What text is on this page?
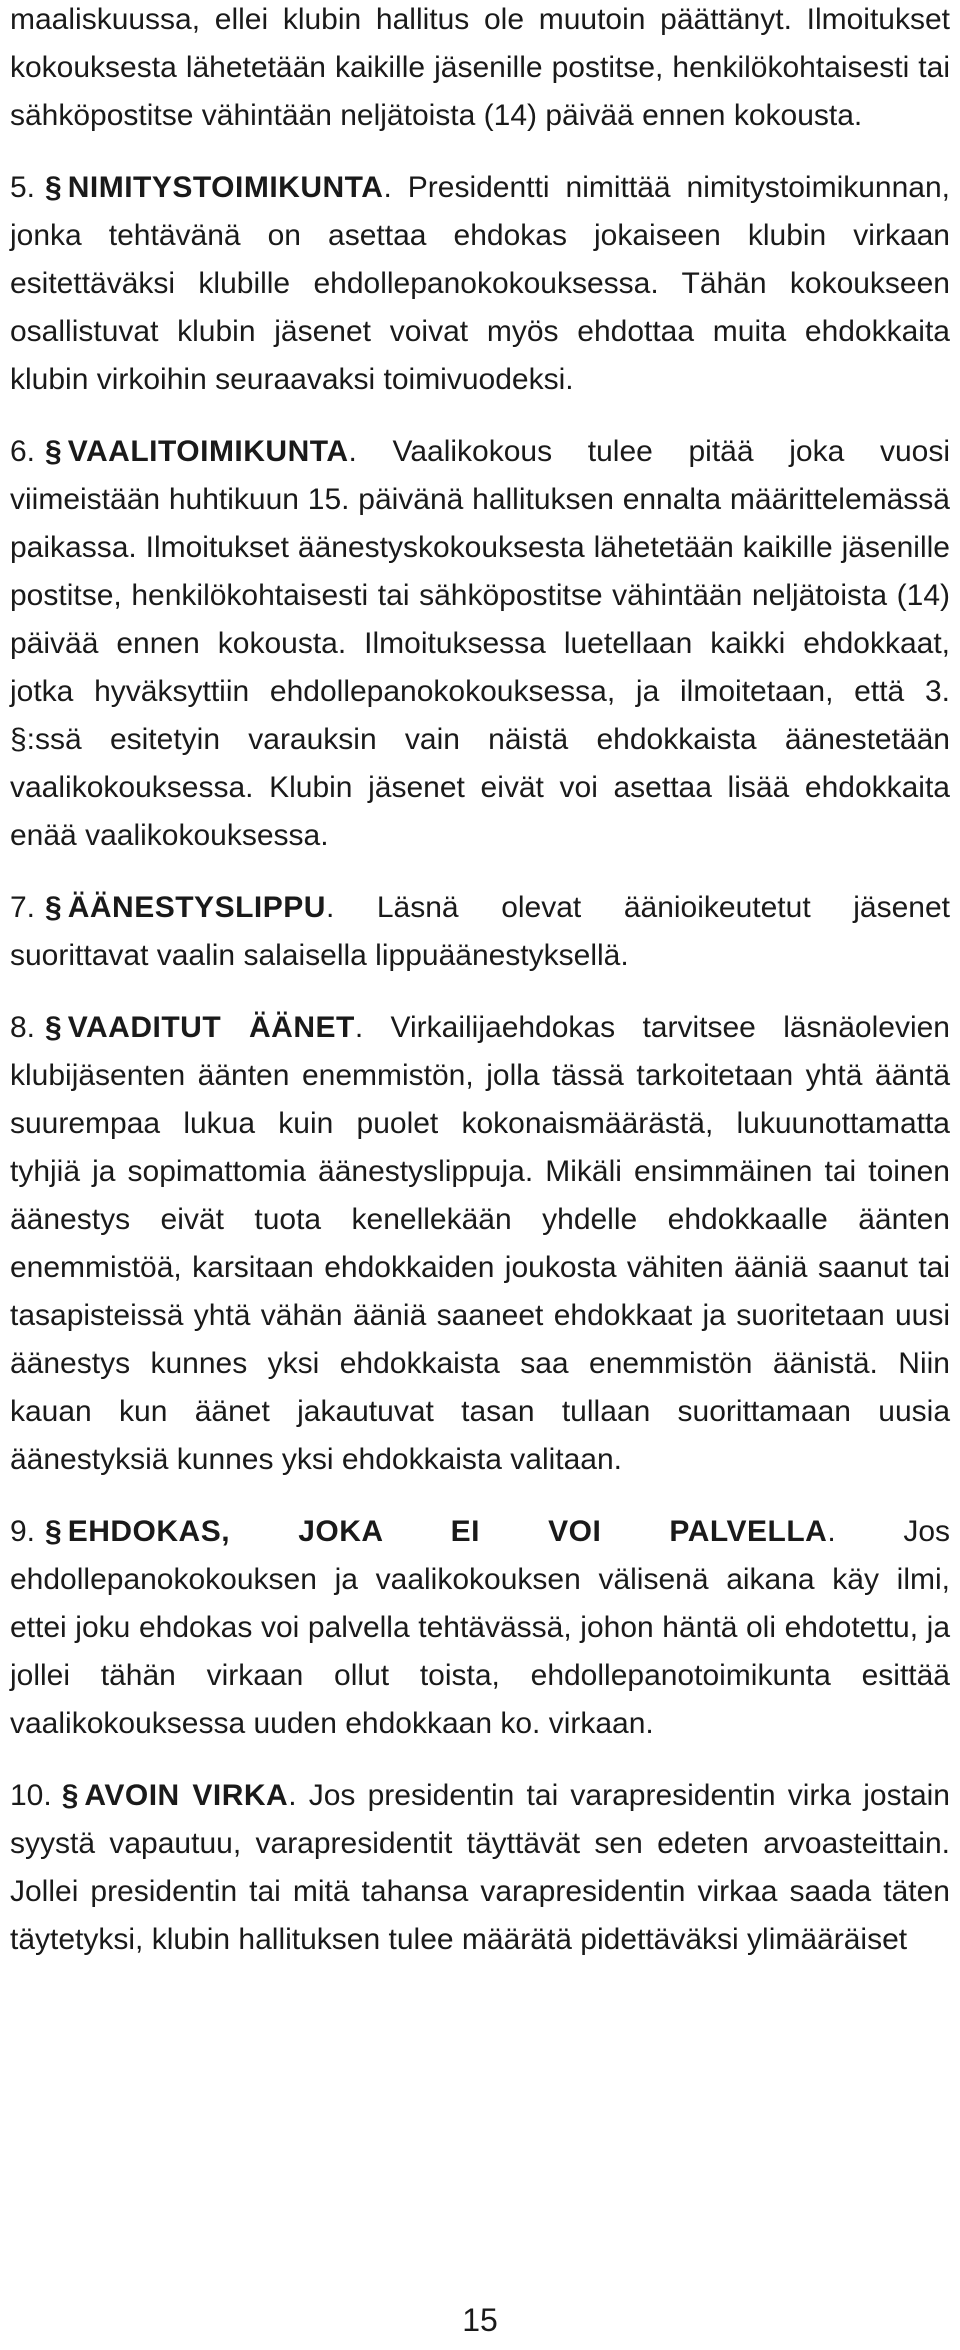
maaliskuussa, ellei klubin hallitus ole muutoin päättänyt. Ilmoitukset kokouksesta lähetetään kaikille jäsenille postitse, henkilökohtaisesti tai sähköpostitse vähintään neljätoista (14) päivää ennen kokousta.

5. § NIMITYSTOIMIKUNTA. Presidentti nimittää nimitystoimikunnan, jonka tehtävänä on asettaa ehdokas jokaiseen klubin virkaan esitettäväksi klubille ehdollepanokokouksessa. Tähän kokoukseen osallistuvat klubin jäsenet voivat myös ehdottaa muita ehdokkaita klubin virkoihin seuraavaksi toimivuodeksi.

6. § VAALITOIMIKUNTA. Vaalikokous tulee pitää joka vuosi viimeistään huhtikuun 15. päivänä hallituksen ennalta määrittelemässä paikassa. Ilmoitukset äänestyskokouksesta lähetetään kaikille jäsenille postitse, henkilökohtaisesti tai sähköpostitse vähintään neljätoista (14) päivää ennen kokousta. Ilmoituksessa luetellaan kaikki ehdokkaat, jotka hyväksyttiin ehdollepanokokouksessa, ja ilmoitetaan, että 3. §:ssä esitetyin varauksin vain näistä ehdokkaista äänestetään vaalikokouksessa. Klubin jäsenet eivät voi asettaa lisää ehdokkaita enää vaalikokouksessa.

7. § ÄÄNESTYSLIPPU. Läsnä olevat äänioikeutetut jäsenet suorittavat vaalin salaisella lippuäänestyksellä.

8. § VAADITUT ÄÄNET. Virkailijaehdokas tarvitsee läsnäolevien klubijäsenten äänten enemmistön, jolla tässä tarkoitetaan yhtä ääntä suurempaa lukua kuin puolet kokonaismäärästä, lukuunottamatta tyhjiä ja sopimattomia äänestyslippuja. Mikäli ensimmäinen tai toinen äänestys eivät tuota kenellekään yhdelle ehdokkaalle äänten enemmistöä, karsitaan ehdokkaiden joukosta vähiten ääniä saanut tai tasapisteissä yhtä vähän ääniä saaneet ehdokkaat ja suoritetaan uusi äänestys kunnes yksi ehdokkaista saa enemmistön äänistä. Niin kauan kun äänet jakautuvat tasan tullaan suorittamaan uusia äänestyksiä kunnes yksi ehdokkaista valitaan.

9. § EHDOKAS, JOKA EI VOI PALVELLA. Jos ehdollepanokokouksen ja vaalikokouksen välisenä aikana käy ilmi, ettei joku ehdokas voi palvella tehtävässä, johon häntä oli ehdotettu, ja jollei tähän virkaan ollut toista, ehdollepanotoimikunta esittää vaalikokouksessa uuden ehdokkaan ko. virkaan.

10. § AVOIN VIRKA. Jos presidentin tai varapresidentin virka jostain syystä vapautuu, varapresidentit täyttävät sen edeten arvoasteittain. Jollei presidentin tai mitä tahansa varapresidentin virkaa saada täten täytetyksi, klubin hallituksen tulee määrätä pidettäväksi ylimääräiset

15
